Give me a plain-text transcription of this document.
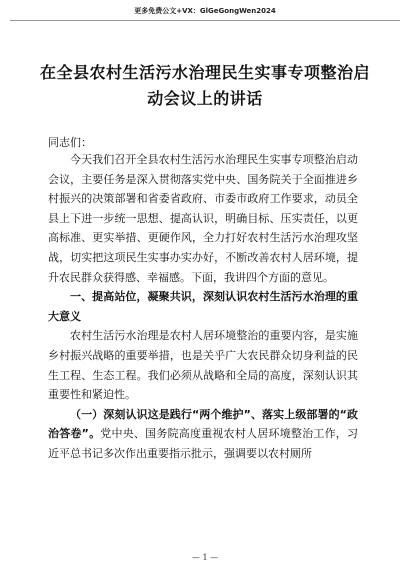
更多免费公文+VX：GlGeGongWen2024
在全县农村生活污水治理民生实事专项整治启动会议上的讲话
同志们：

今天我们召开全县农村生活污水治理民生实事专项整治启动会议，主要任务是深入贯彻落实党中央、国务院关于全面推进乡村振兴的决策部署和省委省政府、市委市政府工作要求，动员全县上下进一步统一思想、提高认识，明确目标、压实责任，以更高标准、更实举措、更硬作风，全力打好农村生活污水治理攻坚战，切实把这项民生实事办实办好，不断改善农村人居环境，提升农民群众获得感、幸福感。下面，我讲四个方面的意见。

一、提高站位，凝聚共识，深刻认识农村生活污水治理的重大意义

农村生活污水治理是农村人居环境整治的重要内容，是实施乡村振兴战略的重要举措，也是关乎广大农民群众切身利益的民生工程、生态工程。我们必须从战略和全局的高度，深刻认识其重要性和紧迫性。

（一）深刻认识这是践行“两个维护”、落实上级部署的“政治答卷”。党中央、国务院高度重视农村人居环境整治工作，习近平总书记多次作出重要指示批示，强调要以农村厕所

— 1 —
